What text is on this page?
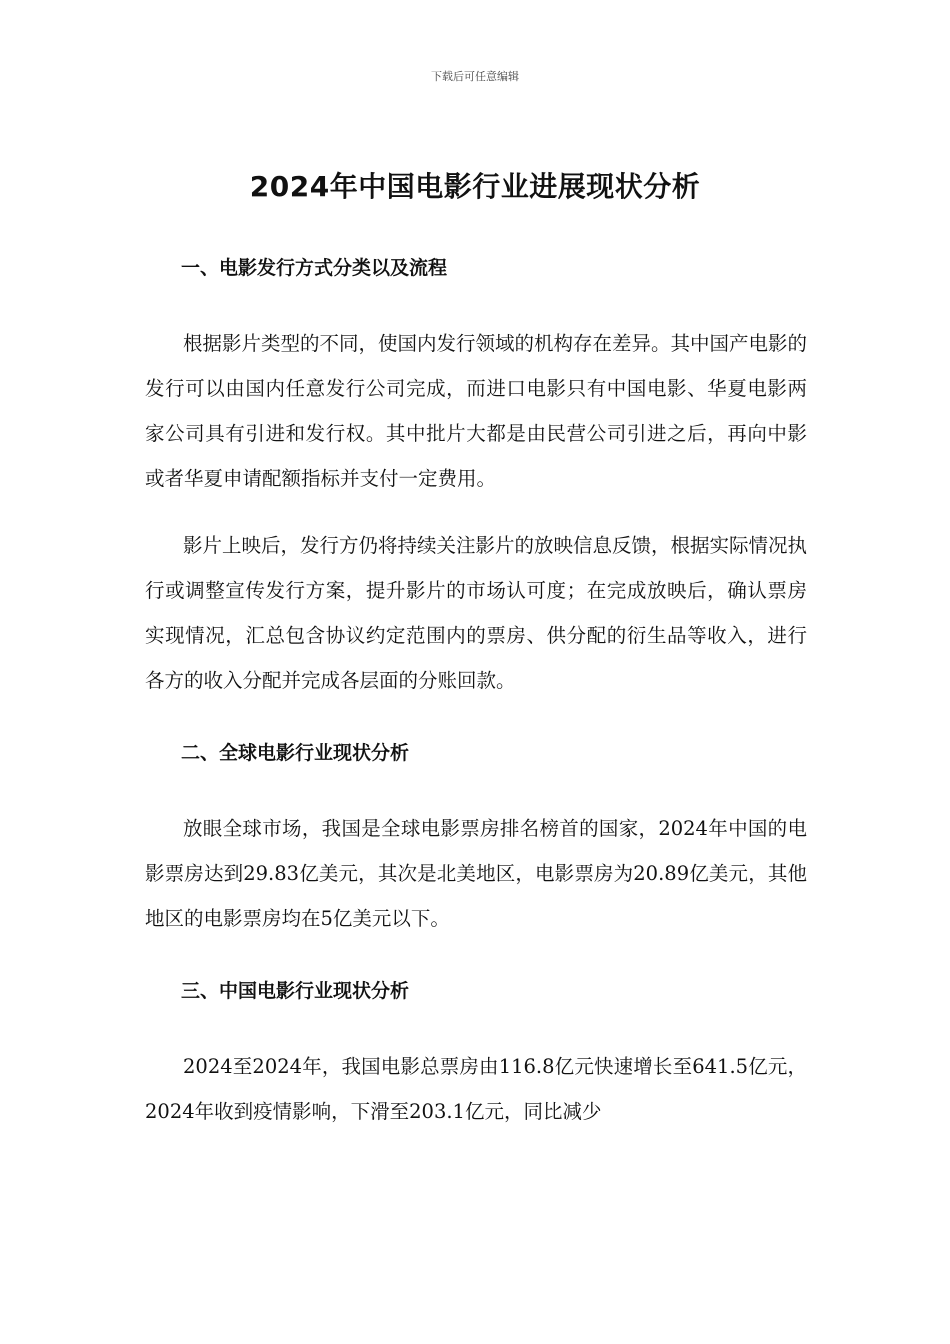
下载后可任意编辑
2024年中国电影行业进展现状分析

一、电影发行方式分类以及流程

根据影片类型的不同，使国内发行领域的机构存在差异。其中国产电影的发行可以由国内任意发行公司完成，而进口电影只有中国电影、华夏电影两家公司具有引进和发行权。其中批片大都是由民营公司引进之后，再向中影或者华夏申请配额指标并支付一定费用。

影片上映后，发行方仍将持续关注影片的放映信息反馈，根据实际情况执行或调整宣传发行方案，提升影片的市场认可度；在完成放映后，确认票房实现情况，汇总包含协议约定范围内的票房、供分配的衍生品等收入，进行各方的收入分配并完成各层面的分账回款。

二、全球电影行业现状分析

放眼全球市场，我国是全球电影票房排名榜首的国家，2024年中国的电影票房达到29.83亿美元，其次是北美地区，电影票房为20.89亿美元，其他地区的电影票房均在5亿美元以下。

三、中国电影行业现状分析

2024至2024年，我国电影总票房由116.8亿元快速增长至641.5亿元，2024年收到疫情影响，下滑至203.1亿元，同比减少
